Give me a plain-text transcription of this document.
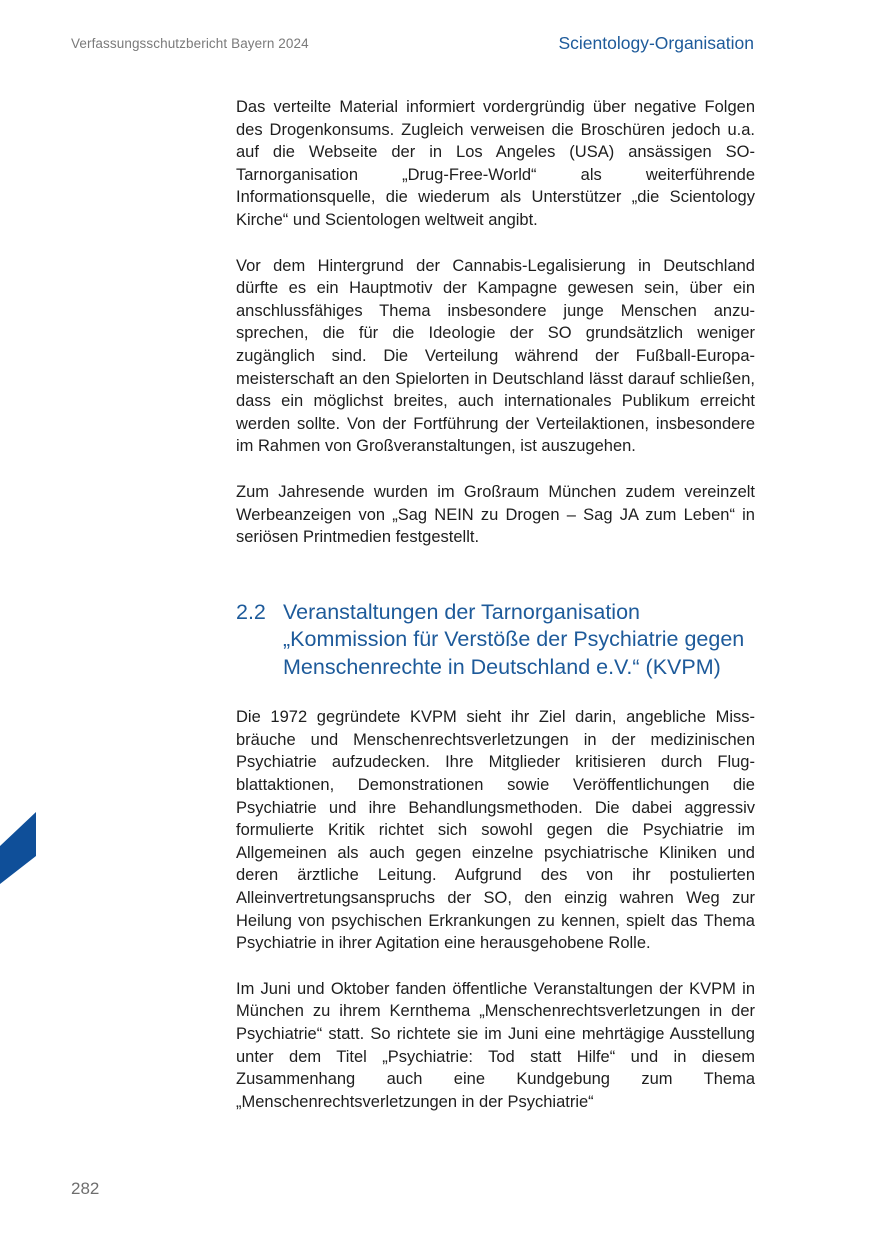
Verfassungsschutzbericht Bayern 2024	Scientology-Organisation

Das verteilte Material informiert vordergründig über negative Folgen des Drogenkonsums. Zugleich verweisen die Broschüren jedoch u.a. auf die Webseite der in Los Angeles (USA) ansässigen SO-Tarnorganisation „Drug-Free-World“ als weiterführende Informationsquelle, die wiederum als Unterstützer „die Scientology Kirche“ und Scientologen weltweit angibt.

Vor dem Hintergrund der Cannabis-Legalisierung in Deutschland dürfte es ein Hauptmotiv der Kampagne gewesen sein, über ein anschlussfähiges Thema insbesondere junge Menschen anzusprechen, die für die Ideologie der SO grundsätzlich weniger zugänglich sind. Die Verteilung während der Fußball-Europameisterschaft an den Spielorten in Deutschland lässt darauf schließen, dass ein möglichst breites, auch internationales Publikum erreicht werden sollte. Von der Fortführung der Verteilaktionen, insbesondere im Rahmen von Großveranstaltungen, ist auszugehen.

Zum Jahresende wurden im Großraum München zudem vereinzelt Werbeanzeigen von „Sag NEIN zu Drogen – Sag JA zum Leben“ in seriösen Printmedien festgestellt.

2.2 Veranstaltungen der Tarnorganisation „Kommission für Verstöße der Psychiatrie gegen Menschenrechte in Deutschland e.V.“ (KVPM)

Die 1972 gegründete KVPM sieht ihr Ziel darin, angebliche Missbräuche und Menschenrechtsverletzungen in der medizinischen Psychiatrie aufzudecken. Ihre Mitglieder kritisieren durch Flugblattaktionen, Demonstrationen sowie Veröffentlichungen die Psychiatrie und ihre Behandlungsmethoden. Die dabei aggressiv formulierte Kritik richtet sich sowohl gegen die Psychiatrie im Allgemeinen als auch gegen einzelne psychiatrische Kliniken und deren ärztliche Leitung. Aufgrund des von ihr postulierten Alleinvertretungsanspruchs der SO, den einzig wahren Weg zur Heilung von psychischen Erkrankungen zu kennen, spielt das Thema Psychiatrie in ihrer Agitation eine herausgehobene Rolle.

Im Juni und Oktober fanden öffentliche Veranstaltungen der KVPM in München zu ihrem Kernthema „Menschenrechtsverletzungen in der Psychiatrie“ statt. So richtete sie im Juni eine mehrtägige Ausstellung unter dem Titel „Psychiatrie: Tod statt Hilfe“ und in diesem Zusammenhang auch eine Kundgebung zum Thema „Menschenrechtsverletzungen in der Psychiatrie“

282
